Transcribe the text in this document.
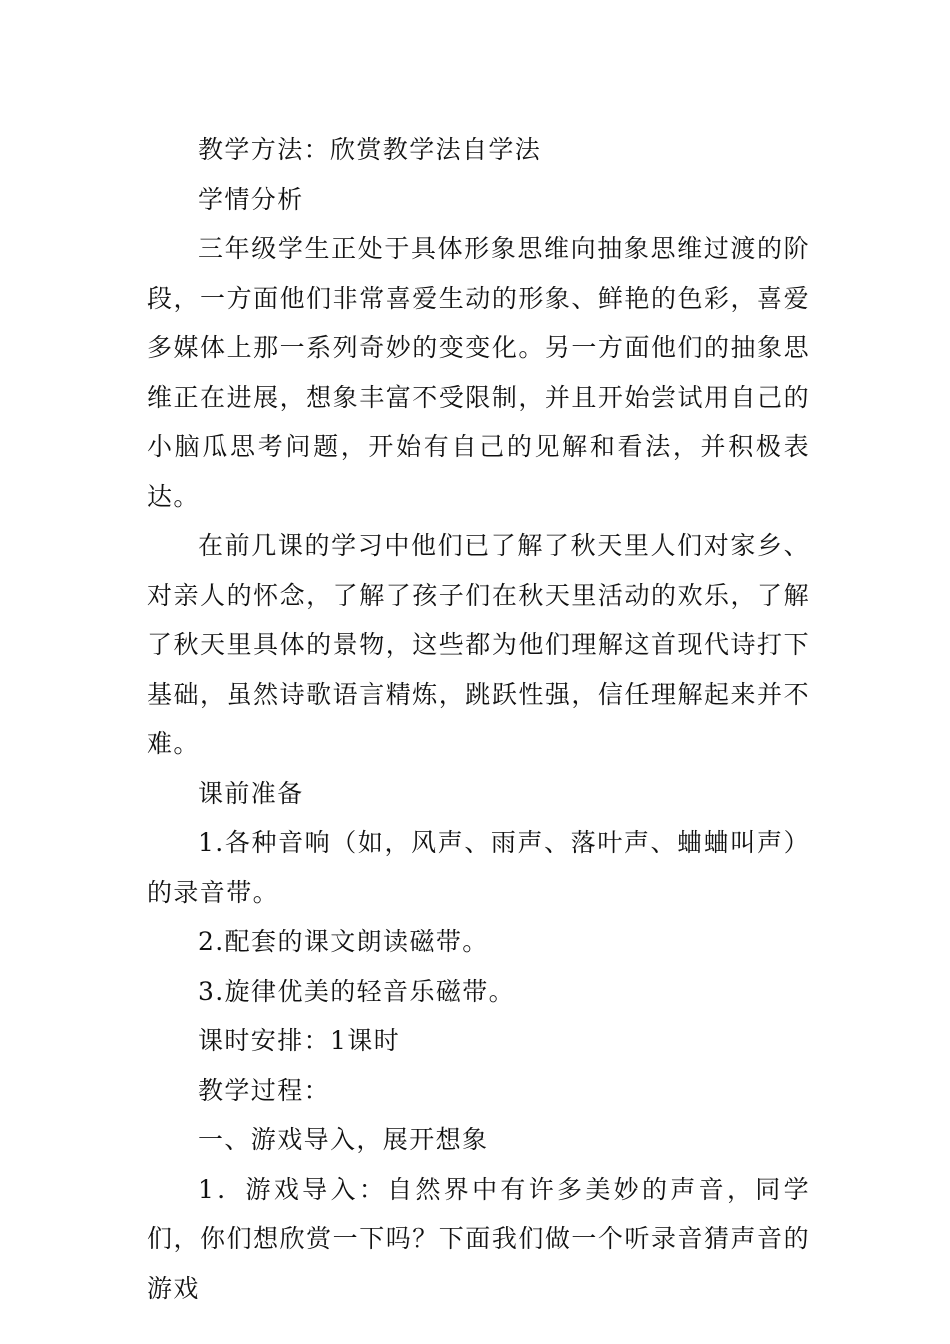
教学方法：欣赏教学法自学法

学情分析

三年级学生正处于具体形象思维向抽象思维过渡的阶段，一方面他们非常喜爱生动的形象、鲜艳的色彩，喜爱多媒体上那一系列奇妙的变变化。另一方面他们的抽象思维正在进展，想象丰富不受限制，并且开始尝试用自己的小脑瓜思考问题，开始有自己的见解和看法，并积极表达。

在前几课的学习中他们已了解了秋天里人们对家乡、对亲人的怀念，了解了孩子们在秋天里活动的欢乐，了解了秋天里具体的景物，这些都为他们理解这首现代诗打下基础，虽然诗歌语言精炼，跳跃性强，信任理解起来并不难。

课前准备

1.各种音响（如，风声、雨声、落叶声、蛐蛐叫声）的录音带。

2.配套的课文朗读磁带。

3.旋律优美的轻音乐磁带。

课时安排：1课时

教学过程：

一、游戏导入，展开想象

1．游戏导入：自然界中有许多美妙的声音，同学们，你们想欣赏一下吗？下面我们做一个听录音猜声音的游戏
